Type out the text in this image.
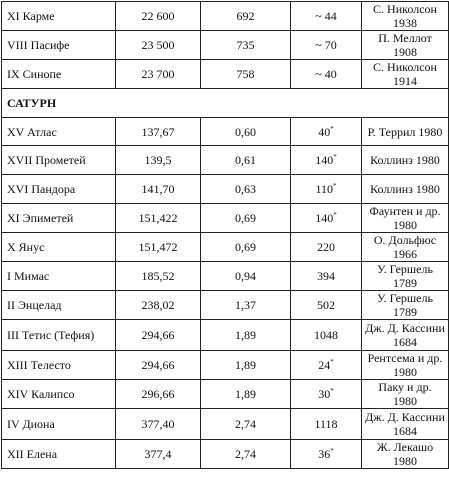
XI Карме	22 600	692	~ 44	С. Николсон 1938
VIII Пасифе	23 500	735	~ 70	П. Меллот 1908
IX Синопе	23 700	758	~ 40	С. Николсон 1914
САТУРН				
XV Атлас	137,67	0,60	40*	Р. Террил 1980
XVII Прометей	139,5	0,61	140*	Коллинз 1980
XVI Пандора	141,70	0,63	110*	Коллинз 1980
XI Эпиметей	151,422	0,69	140*	Фаунтен и др. 1980
X Янус	151,472	0,69	220	О. Дольфюс 1966
I Мимас	185,52	0,94	394	У. Гершель 1789
II Энцелад	238,02	1,37	502	У. Гершель 1789
III Тетис (Тефия)	294,66	1,89	1048	Дж. Д. Кассини 1684
XIII Телесто	294,66	1,89	24*	Рентсема и др. 1980
XIV Калипсо	296,66	1,89	30*	Паку и др. 1980
IV Диона	377,40	2,74	1118	Дж. Д. Кассини 1684
XII Елена	377,4	2,74	36*	Ж. Лекашо 1980
